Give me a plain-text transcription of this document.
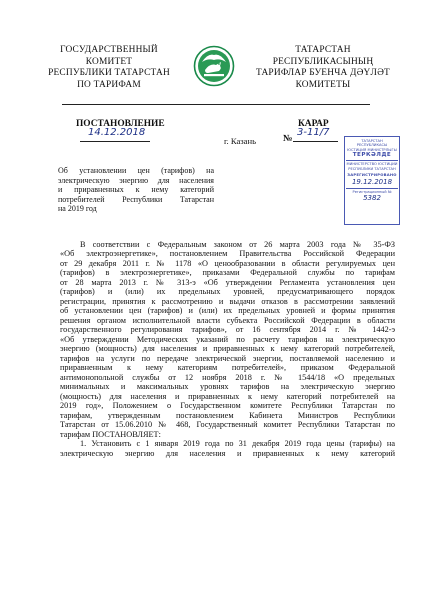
ГОСУДАРСТВЕННЫЙ
КОМИТЕТ
РЕСПУБЛИКИ ТАТАРСТАН
ПО ТАРИФАМ
ТАТАРСТАН
РЕСПУБЛИКАСЫНЫҢ
ТАРИФЛАР БУЕНЧА ДӘҮЛӘТ
КОМИТЕТЫ
ПОСТАНОВЛЕНИЕ	КАРАР
14.12.2018
г. Казань	№
3-11/7
ТАТАРСТАН РЕСПУБЛИКАСЫ
ЮСТИЦИЯ МИНИСТРЛЫГЫ
ТЕРКӘЛДЕ
МИНИСТЕРСТВО ЮСТИЦИИ
РЕСПУБЛИКИ ТАТАРСТАН
ЗАРЕГИСТРИРОВАНО
19.12.2018
Регистрационный №
5382
Об установлении цен (тарифов) на
электрическую энергию для населения
и приравненных к нему категорий
потребителей Республики Татарстан
на 2019 год
В соответствии с Федеральным законом от 26 марта 2003 года № 35-ФЗ
«Об электроэнергетике», постановлением Правительства Российской Федерации
от 29 декабря 2011 г. № 1178 «О ценообразовании в области регулируемых цен
(тарифов) в электроэнергетике», приказами Федеральной службы по тарифам
от 28 марта 2013 г. № 313-э «Об утверждении Регламента установления цен
(тарифов) и (или) их предельных уровней, предусматривающего порядок
регистрации, принятия к рассмотрению и выдачи отказов в рассмотрении заявлений
об установлении цен (тарифов) и (или) их предельных уровней и формы принятия
решения органом исполнительной власти субъекта Российской Федерации в области
государственного регулирования тарифов», от 16 сентября 2014 г. № 1442-э
«Об утверждении Методических указаний по расчету тарифов на электрическую
энергию (мощность) для населения и приравненных к нему категорий потребителей,
тарифов на услуги по передаче электрической энергии, поставляемой населению и
приравненным к нему категориям потребителей», приказом Федеральной
антимонопольной службы от 12 ноября 2018 г. № 1544/18 «О предельных
минимальных и максимальных уровнях тарифов на электрическую энергию
(мощность) для населения и приравненных к нему категорий потребителей на
2019 год», Положением о Государственном комитете Республики Татарстан по
тарифам, утвержденным постановлением Кабинета Министров Республики
Татарстан от 15.06.2010 № 468, Государственный комитет Республики Татарстан по
тарифам ПОСТАНОВЛЯЕТ:
1. Установить с 1 января 2019 года по 31 декабря 2019 года цены (тарифы) на
электрическую энергию для населения и приравненных к нему категорий
